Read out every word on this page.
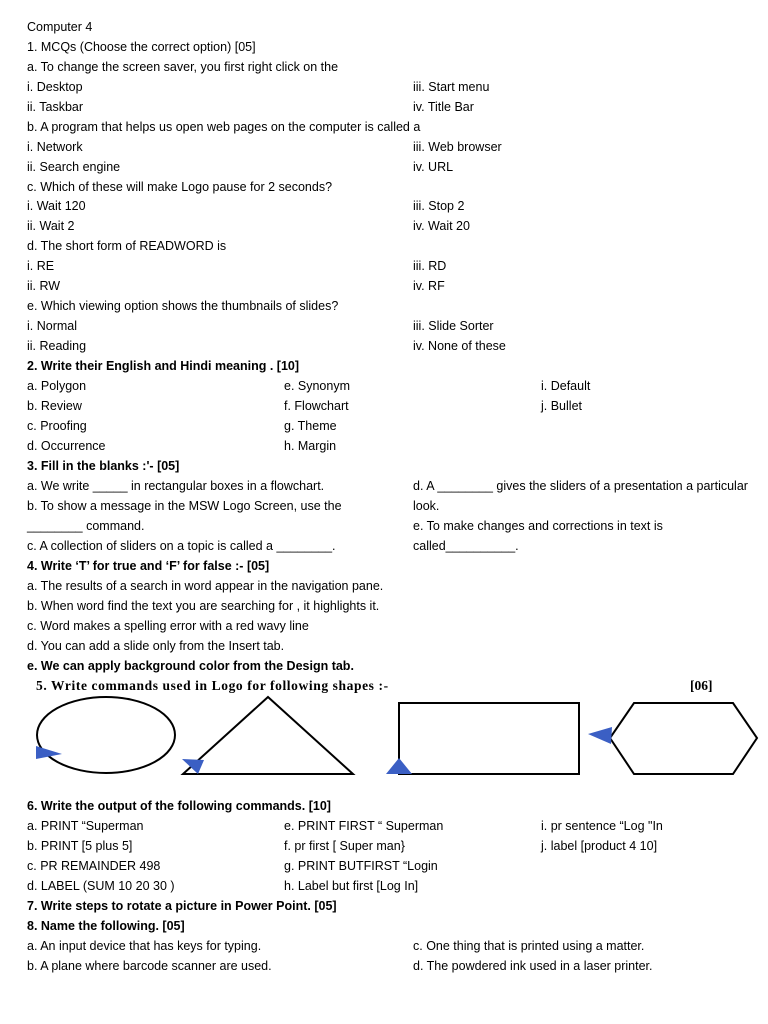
Computer 4
1. MCQs (Choose the correct option) [05]
a. To change the screen saver, you first right click on the
i. Desktop	iii. Start menu
ii. Taskbar	iv. Title Bar
b. A program that helps us open web pages on the computer is called a
i. Network	iii. Web browser
ii. Search engine	iv. URL
c. Which of these will make Logo pause for 2 seconds?
i. Wait 120	iii. Stop 2
ii. Wait 2	iv. Wait 20
d. The short form of READWORD is
i. RE	iii. RD
ii. RW	iv. RF
e. Which viewing option shows the thumbnails of slides?
i. Normal	iii. Slide Sorter
ii. Reading	iv. None of these
2. Write their English and Hindi meaning . [10]
a. Polygon	e. Synonym	i. Default
b. Review	f. Flowchart	j. Bullet
c. Proofing	g. Theme
d. Occurrence	h. Margin
3. Fill in the blanks :'- [05]
a. We write _____ in rectangular boxes in a flowchart.	d. A ________ gives the sliders of a presentation a particular
b. To show a message in the MSW Logo Screen, use the	look.
________ command.	e. To make changes and corrections in text is
c. A collection of sliders on a topic is called a ________.	called__________.
4. Write ‘T’ for true and ‘F’ for false :- [05]
a. The results of a search in word appear in the navigation pane.
b. When word find the text you are searching for , it highlights it.
c. Word makes a spelling error with a red wavy line
d. You can add a slide only from the Insert tab.
e. We can apply background color from the Design tab.
5. Write commands used in Logo for following shapes :-	[06]
6. Write the output of the following commands. [10]
a. PRINT “Superman	e. PRINT FIRST “ Superman	i. pr sentence “Log "In
b. PRINT [5 plus 5]	f. pr first [ Super man}	j. label [product 4 10]
c. PR REMAINDER 498	g. PRINT BUTFIRST “Login
d. LABEL (SUM 10 20 30 )	h. Label but first [Log In]
7. Write steps to rotate a picture in Power Point. [05]
8. Name the following. [05]
a. An input device that has keys for typing.	c. One thing that is printed using a matter.
b. A plane where barcode scanner are used.	d. The powdered ink used in a laser printer.
